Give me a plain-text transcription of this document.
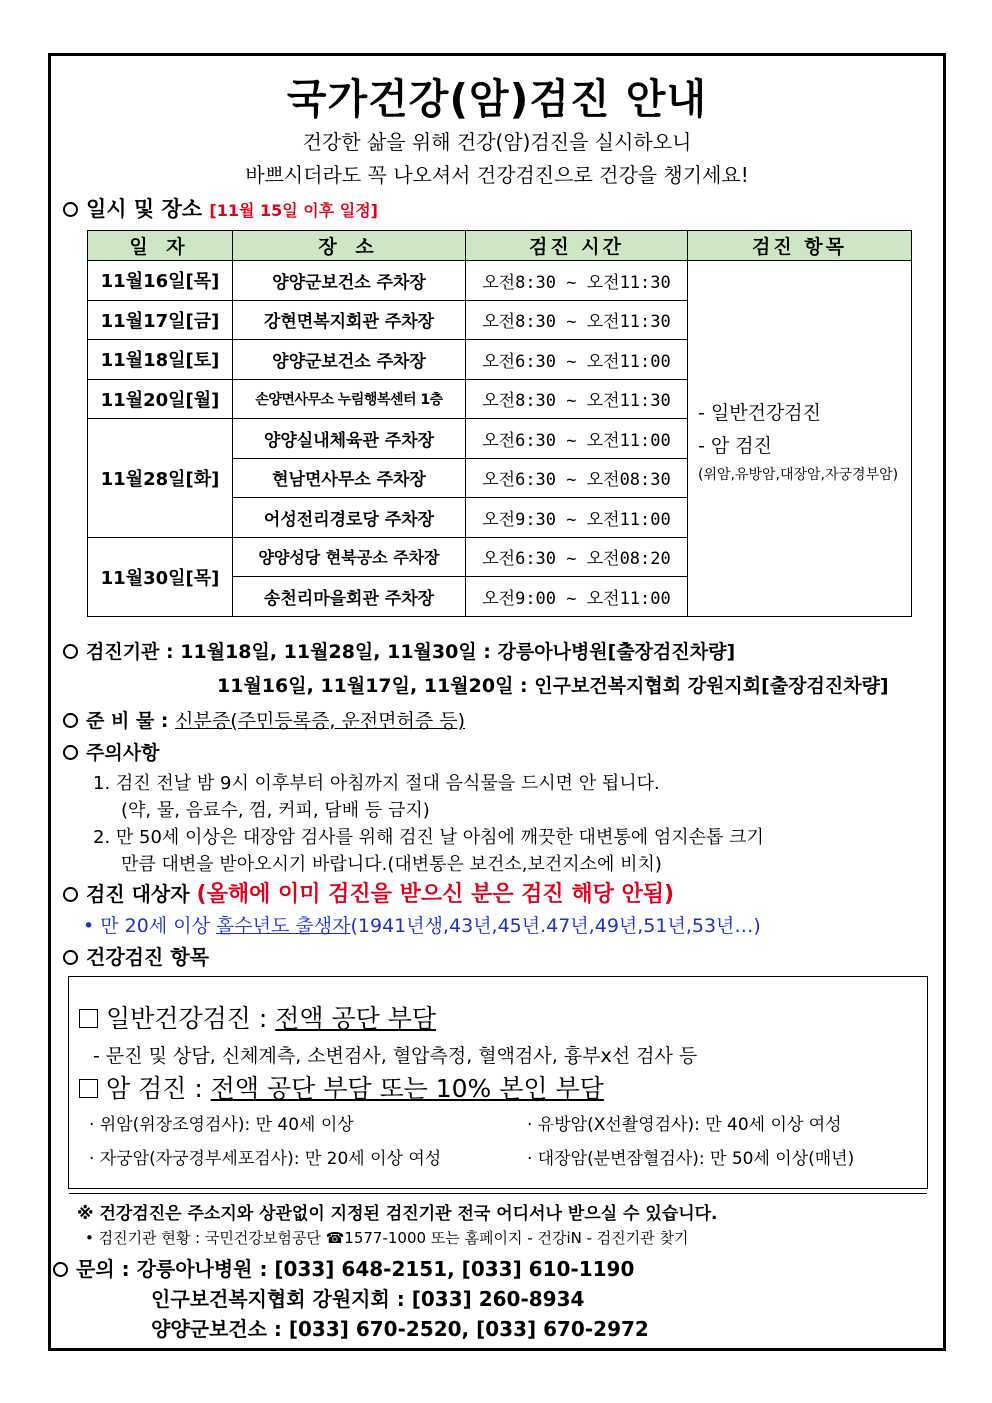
국가건강(암)검진 안내
건강한 삶을 위해 건강(암)검진을 실시하오니
바쁘시더라도 꼭 나오셔서 건강검진으로 건강을 챙기세요!
일시 및 장소 [11월 15일 이후 일정]
일 자	장 소	검진 시간	검진 항목
11월16일[목]	양양군보건소 주차장	오전8:30 ~ 오전11:30	- 일반건강검진
- 암 검진
(위암,유방암,대장암,자궁경부암)

11월17일[금]	강현면복지회관 주차장	오전8:30 ~ 오전11:30	
11월18일[토]	양양군보건소 주차장	오전6:30 ~ 오전11:00	
11월20일[월]	손양면사무소 누림행복센터 1층	오전8:30 ~ 오전11:30	
11월28일[화]	양양실내체육관 주차장	오전6:30 ~ 오전11:00	
	현남면사무소 주차장	오전6:30 ~ 오전08:30	
	어성전리경로당 주차장	오전9:30 ~ 오전11:00	
11월30일[목]	양양성당 현북공소 주차장	오전6:30 ~ 오전08:20	
	송천리마을회관 주차장	오전9:00 ~ 오전11:00	
검진기관 : 11월18일, 11월28일, 11월30일 : 강릉아나병원[출장검진차량]
11월16일, 11월17일, 11월20일 : 인구보건복지협회 강원지회[출장검진차량]
준 비 물 : 신분증(주민등록증, 운전면허증 등)
주의사항
1. 검진 전날 밤 9시 이후부터 아침까지 절대 음식물을 드시면 안 됩니다.
(약, 물, 음료수, 껌, 커피, 담배 등 금지)
2. 만 50세 이상은 대장암 검사를 위해 검진 날 아침에 깨끗한 대변통에 엄지손톱 크기
만큼 대변을 받아오시기 바랍니다.(대변통은 보건소,보건지소에 비치)
검진 대상자 (올해에 이미 검진을 받으신 분은 검진 해당 안됨)
• 만 20세 이상 홀수년도 출생자(1941년생,43년,45년.47년,49년,51년,53년…)
건강검진 항목
일반건강검진 : 전액 공단 부담
- 문진 및 상담, 신체계측, 소변검사, 혈압측정, 혈액검사, 흉부x선 검사 등
암 검진 : 전액 공단 부담 또는 10% 본인 부담
· 위암(위장조영검사): 만 40세 이상	· 유방암(X선촬영검사): 만 40세 이상 여성
· 자궁암(자궁경부세포검사): 만 20세 이상 여성	· 대장암(분변잠혈검사): 만 50세 이상(매년)
※ 건강검진은 주소지와 상관없이 지정된 검진기관 전국 어디서나 받으실 수 있습니다.
• 검진기관 현황 : 국민건강보험공단 ☎1577-1000 또는 홈페이지 - 건강iN - 검진기관 찾기
문의 : 강릉아나병원 : [033] 648-2151, [033] 610-1190
인구보건복지협회 강원지회 : [033] 260-8934
양양군보건소 : [033] 670-2520, [033] 670-2972
